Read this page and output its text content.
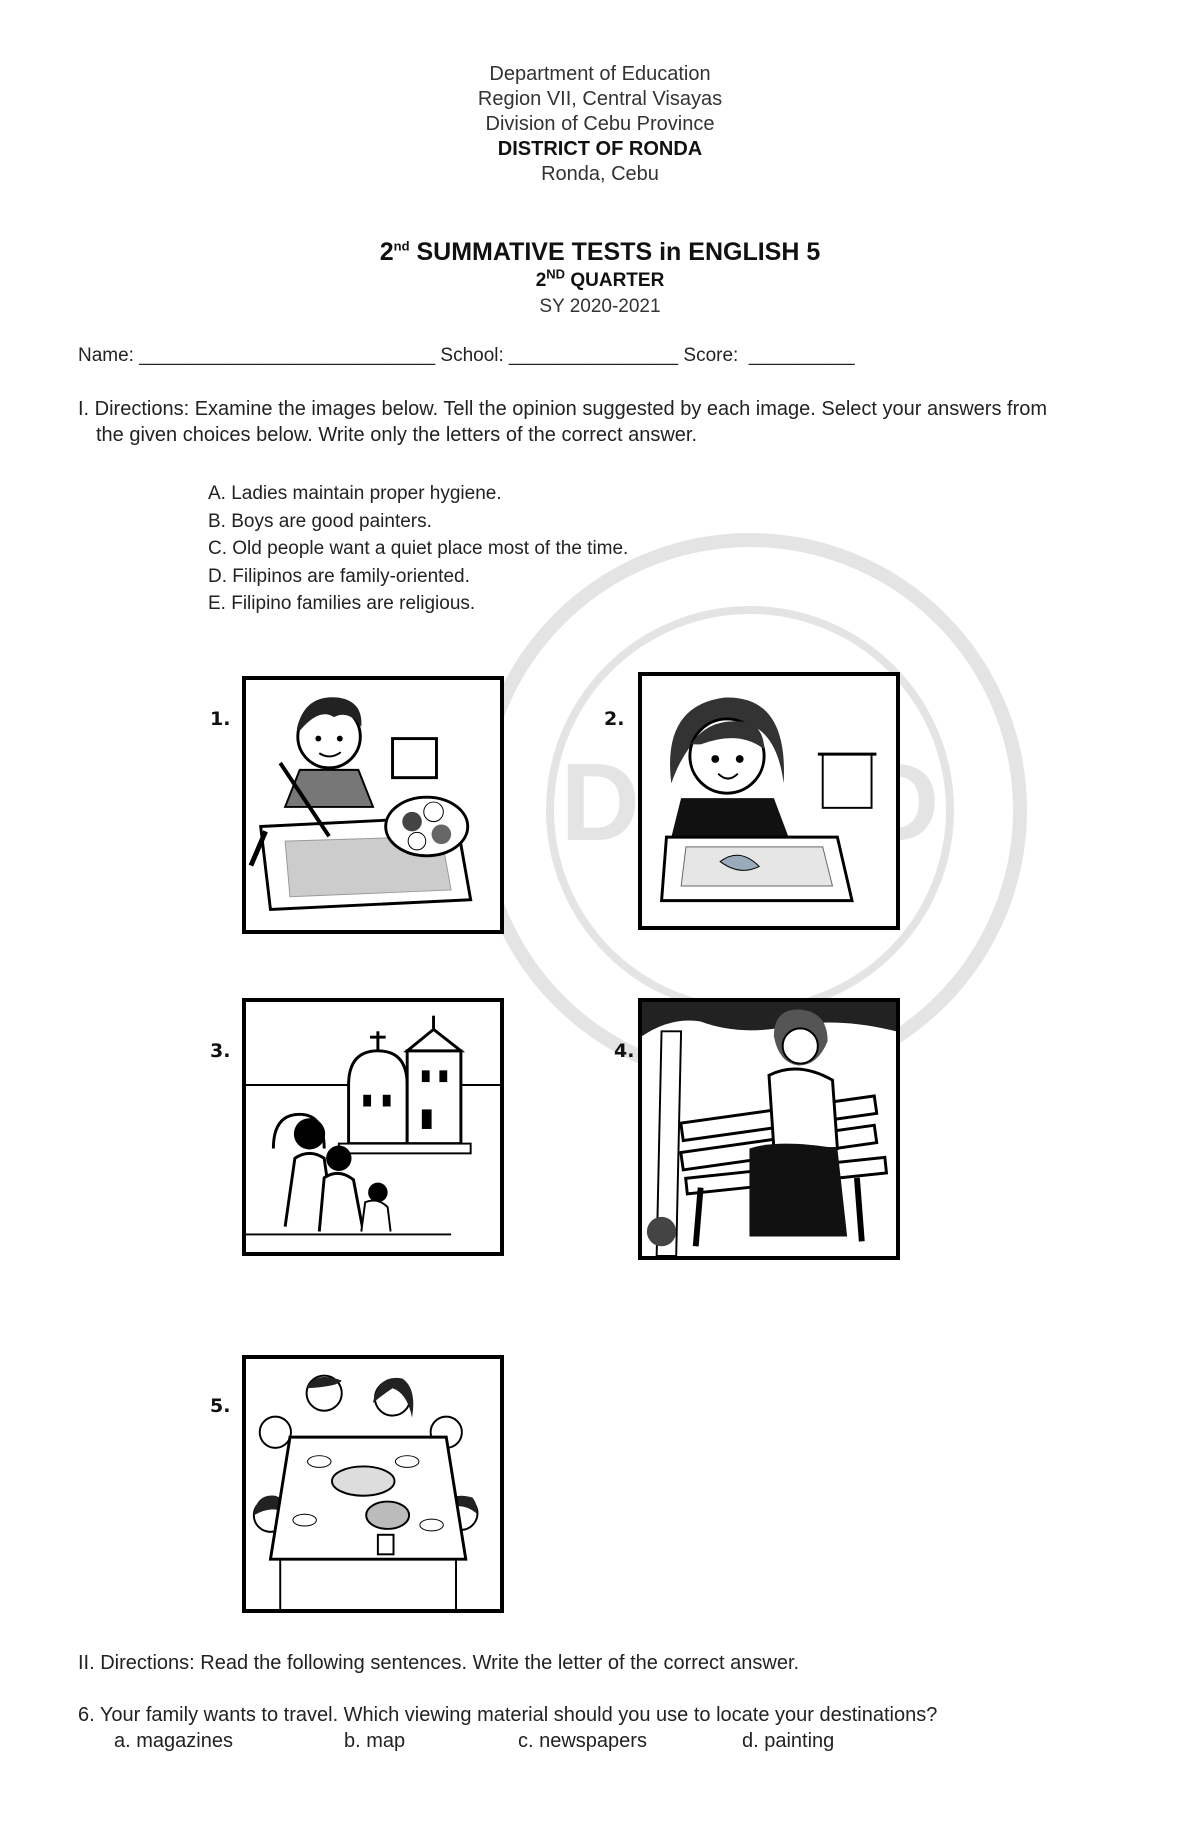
Department of Education
Region VII, Central Visayas
Division of Cebu Province
DISTRICT OF RONDA
Ronda, Cebu
2nd SUMMATIVE TESTS in ENGLISH 5
2ND QUARTER
SY 2020-2021
Name: ____________________________ School: ________________ Score:  __________
I. Directions: Examine the images below. Tell the opinion suggested by each image. Select your answers from
the given choices below. Write only the letters of the correct answer.
A. Ladies maintain proper hygiene.
B. Boys are good painters.
C. Old people want a quiet place most of the time.
D. Filipinos are family-oriented.
E. Filipino families are religious.
1.	2.
3.	4.
5.
II. Directions: Read the following sentences. Write the letter of the correct answer.
6. Your family wants to travel. Which viewing material should you use to locate your destinations?
a. magazines	b. map	c. newspapers	d. painting
